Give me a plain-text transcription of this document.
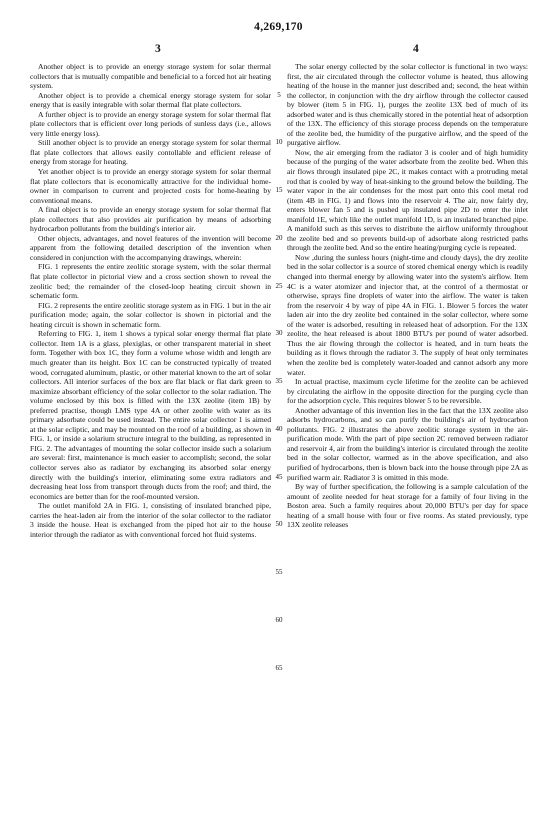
4,269,170
3	4

Another object is to provide an energy storage system for solar thermal collectors that is mutually compatible and beneficial to a forced hot air heating system.

Another object is to provide a chemical energy storage system for solar energy that is easily integrable with solar thermal flat plate collectors.

A further object is to provide an energy storage system for solar thermal flat plate collectors that is efficient over long periods of sunless days (i.e., allows very little energy loss).

Still another object is to provide an energy storage system for solar thermal flat plate collectors that allows easily contollable and efficient release of energy from storage for heating.

Yet another object is to provide an energy storage system for solar thermal flat plate collectors that is economically attractive for the individual home-owner in comparison to current and projected costs for home-heating by conventional means.

A final object is to provide an energy storage system for solar thermal flat plate collectors that also provides air purification by means of adsorbing hydrocarbon pollutants from the building's interior air.

Other objects, advantages, and novel features of the invention will become apparent from the following detailed description of the invention when considered in conjunction with the accompanying drawings, wherein:

FIG. 1 represents the entire zeolitic storage system, with the solar thermal flat plate collector in pictorial view and a cross section shown to reveal the zeolitic bed; the remainder of the closed-loop heating circuit shown in schematic form.

FIG. 2 represents the entire zeolitic storage system as in FIG. 1 but in the air purification mode; again, the solar collector is shown in pictorial and the heating circuit is shown in schematic form.

Referring to FIG. 1, item 1 shows a typical solar energy thermal flat plate collector. Item 1A is a glass, plexiglas, or other transparent material in sheet form. Together with box 1C, they form a volume whose width and length are much greater than its height. Box 1C can be constructed typically of treated wood, corrugated aluminum, plastic, or other material known to the art of solar collectors. All interior surfaces of the box are flat black or flat dark green to maximize absorbant efficiency of the solar collector to the solar radiation. The volume enclosed by this box is filled with the 13X zeolite (item 1B) by preferred practise, though LMS type 4A or other zeolite with water as its primary adsorbate could be used instead. The entire solar collector 1 is aimed at the solar ecliptic, and may be mounted on the roof of a building, as shown in FIG. 1, or inside a solarium structure integral to the building, as represented in FIG. 2. The advantages of mounting the solar collector inside such a solarium are several: first, maintenance is much easier to accomplish; second, the solar collector serves also as radiator by exchanging its absorbed solar energy directly with the building's interior, eliminating some extra radiators and decreasing heat loss from transport through ducts from the roof; and third, the economics are better than for the roof-mounted version.

The outlet manifold 2A in FIG. 1, consisting of insulated branched pipe, carries the heat-laden air from the interior of the solar collector to the radiator 3 inside the house. Heat is exchanged from the piped hot air to the house interior through the radiator as with conventional forced hot fluid systems.

5
10
15
20
25
30
35
40
45
50
55
60
65

The solar energy collected by the solar collector is functional in two ways: first, the air circulated through the collector volume is heated, thus allowing heating of the house in the manner just described and; second, the heat within the collector, in conjunction with the dry airflow through the collector caused by blower (item 5 in FIG. 1), purges the zeolite 13X bed of much of its adsorbed water and is thus chemically stored in the potential heat of adsorption of the 13X. The efficiency of this storage process depends on the temperature of the zeolite bed, the humidity of the purgative airflow, and the speed of the purgative airflow.

Now, the air emerging from the radiator 3 is cooler and of high humidity because of the purging of the water adsorbate from the zeolite bed. When this air flows through insulated pipe 2C, it makes contact with a protruding metal rod that is cooled by way of heat-sinking to the ground below the building. The water vapor in the air condenses for the most part onto this cool metal rod (item 4B in FIG. 1) and flows into the reservoir 4. The air, now fairly dry, enters blower fan 5 and is pushed up insulated pipe 2D to enter the inlet manifold 1E, which like the outlet manifold 1D, is an insulated branched pipe. A manifold such as this serves to distribute the airflow uniformly throughout the zeolite bed and so prevents build-up of adsorbate along restricted paths through the zeolite bed. And so the entire heating/purging cycle is repeated.

Now ,during the sunless hours (night-time and cloudy days), the dry zeolite bed in the solar collector is a source of stored chemical energy which is readily changed into thermal energy by allowing water into the system's airflow. Item 4C is a water atomizer and injector that, at the control of a thermostat or otherwise, sprays fine droplets of water into the airflow. The water is taken from the reservoir 4 by way of pipe 4A in FIG. 1. Blower 5 forces the water laden air into the dry zeolite bed contained in the solar collector, where some of the water is adsorbed, resulting in released heat of adsorption. For the 13X zeolite, the heat released is about 1800 BTU's per pound of water adsorbed. Thus the air flowing through the collector is heated, and in turn heats the building as it flows through the radiator 3. The supply of heat only terminates when the zeolite bed is completely water-loaded and cannot adsorb any more water.

In actual practise, maximum cycle lifetime for the zeolite can be achieved by circulating the airflow in the opposite direction for the purging cycle than for the adsorption cycle. This requires blower 5 to be reversible.

Another advantage of this invention lies in the fact that the 13X zeolite also adsorbs hydrocarbons, and so can purify the building's air of hydrocarbon pollutants. FIG. 2 illustrates the above zeolitic storage system in the air-purification mode. With the part of pipe section 2C removed between radiator and reservoir 4, air from the building's interior is circulated through the zeolite bed in the solar collector, warmed as in the above specification, and also purified of hydrocarbons, then is blown back into the house through pipe 2A as purified warm air. Radiator 3 is omitted in this mode.

By way of further specification, the following is a sample calculation of the amount of zeolite needed for heat storage for a family of four living in the Boston area. Such a family requires about 20,000 BTU's per day for space heating of a small house with four or five rooms. As stated previously, type 13X zeolite releases
